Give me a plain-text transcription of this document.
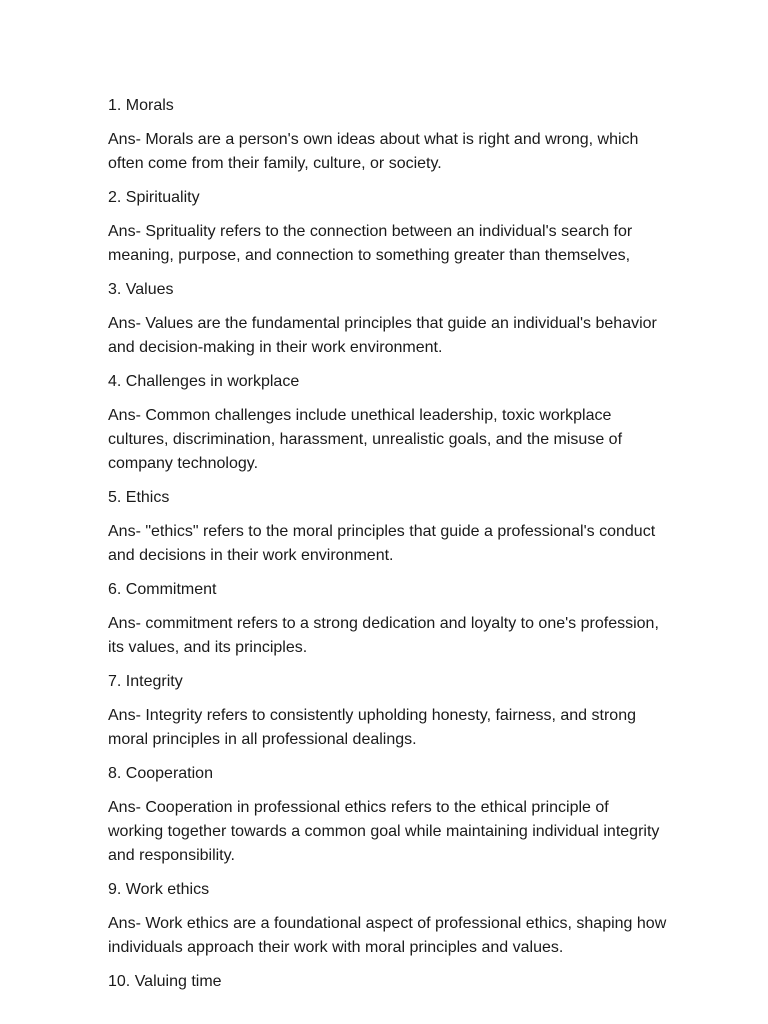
1. Morals

Ans- Morals are a person's own ideas about what is right and wrong, which often come from their family, culture, or society.

2. Spirituality

Ans- Sprituality refers to the connection between an individual's search for meaning, purpose, and connection to something greater than themselves,

3. Values

Ans- Values are the fundamental principles that guide an individual's behavior and decision-making in their work environment.

4. Challenges in workplace

Ans- Common challenges include unethical leadership, toxic workplace cultures, discrimination, harassment, unrealistic goals, and the misuse of company technology.

5. Ethics

Ans- "ethics" refers to the moral principles that guide a professional's conduct and decisions in their work environment.

6. Commitment

Ans- commitment refers to a strong dedication and loyalty to one's profession, its values, and its principles.

7. Integrity

Ans- Integrity refers to consistently upholding honesty, fairness, and strong moral principles in all professional dealings.

8. Cooperation

Ans- Cooperation in professional ethics refers to the ethical principle of working together towards a common goal while maintaining individual integrity and responsibility.

9. Work ethics

Ans- Work ethics are a foundational aspect of professional ethics, shaping how individuals approach their work with moral principles and values.

10. Valuing time
